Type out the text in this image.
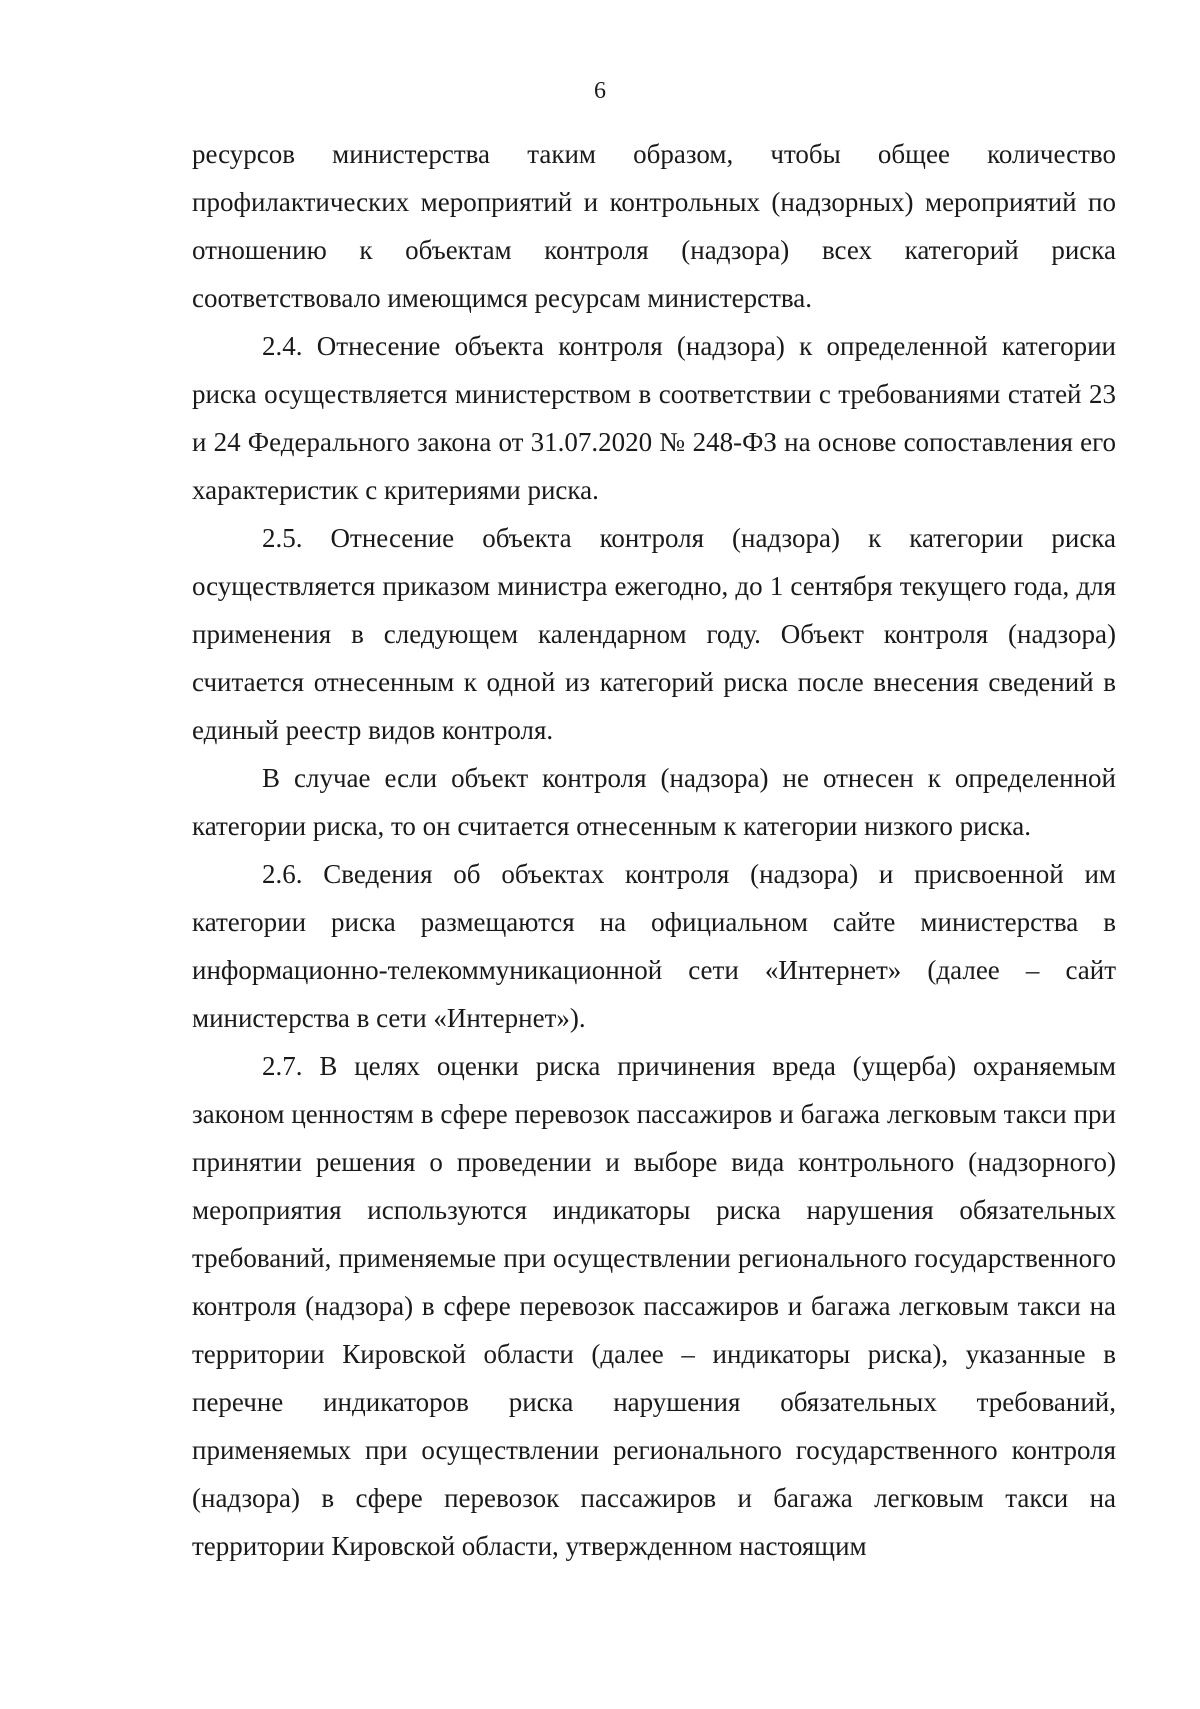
6

ресурсов министерства таким образом, чтобы общее количество профилактических мероприятий и контрольных (надзорных) мероприятий по отношению к объектам контроля (надзора) всех категорий риска соответствовало имеющимся ресурсам министерства.

2.4. Отнесение объекта контроля (надзора) к определенной категории риска осуществляется министерством в соответствии с требованиями статей 23 и 24 Федерального закона от 31.07.2020 № 248-ФЗ на основе сопоставления его характеристик с критериями риска.

2.5. Отнесение объекта контроля (надзора) к категории риска осуществляется приказом министра ежегодно, до 1 сентября текущего года, для применения в следующем календарном году. Объект контроля (надзора) считается отнесенным к одной из категорий риска после внесения сведений в единый реестр видов контроля.

В случае если объект контроля (надзора) не отнесен к определенной категории риска, то он считается отнесенным к категории низкого риска.

2.6. Сведения об объектах контроля (надзора) и присвоенной им категории риска размещаются на официальном сайте министерства в информационно-телекоммуникационной сети «Интернет» (далее – сайт министерства в сети «Интернет»).

2.7. В целях оценки риска причинения вреда (ущерба) охраняемым законом ценностям в сфере перевозок пассажиров и багажа легковым такси при принятии решения о проведении и выборе вида контрольного (надзорного) мероприятия используются индикаторы риска нарушения обязательных требований, применяемые при осуществлении регионального государственного контроля (надзора) в сфере перевозок пассажиров и багажа легковым такси на территории Кировской области (далее – индикаторы риска), указанные в перечне индикаторов риска нарушения обязательных требований, применяемых при осуществлении регионального государственного контроля (надзора) в сфере перевозок пассажиров и багажа легковым такси на территории Кировской области, утвержденном настоящим
